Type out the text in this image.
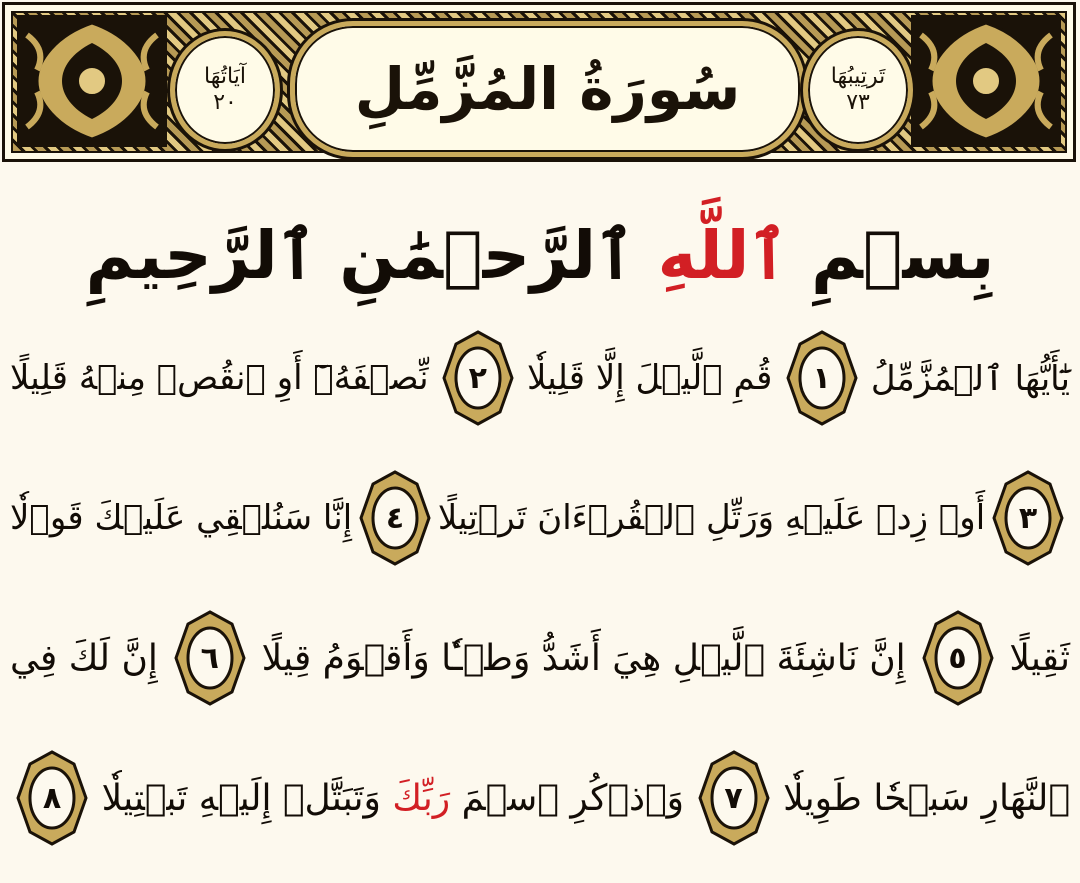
آيَاتُهَا
٢٠ سُورَةُ المُزَّمِّلِ	تَرتِيبُهَا
٧٣
بِسۡمِ

ٱللَّهِ

ٱلرَّحۡمَٰنِ ٱلرَّحِيمِ
يَٰٓأَيُّهَا ٱلۡمُزَّمِّلُ
١
قُمِ ٱلَّيۡلَ إِلَّا قَلِيلٗا
٢
نِّصۡفَهُۥٓ أَوِ ٱنقُصۡ مِنۡهُ قَلِيلًا
٣
أَوۡ زِدۡ عَلَيۡهِ وَرَتِّلِ ٱلۡقُرۡءَانَ تَرۡتِيلًا
٤
إِنَّا سَنُلۡقِي عَلَيۡكَ قَوۡلٗا
ثَقِيلًا
٥
إِنَّ نَاشِئَةَ ٱلَّيۡلِ هِيَ أَشَدُّ وَطۡـٔٗا وَأَقۡوَمُ قِيلًا
٦
إِنَّ لَكَ فِي
ٱلنَّهَارِ سَبۡحٗا طَوِيلٗا
٧
وَٱذۡكُرِ ٱسۡمَ رَبِّكَ وَتَبَتَّلۡ إِلَيۡهِ تَبۡتِيلٗا
٨
